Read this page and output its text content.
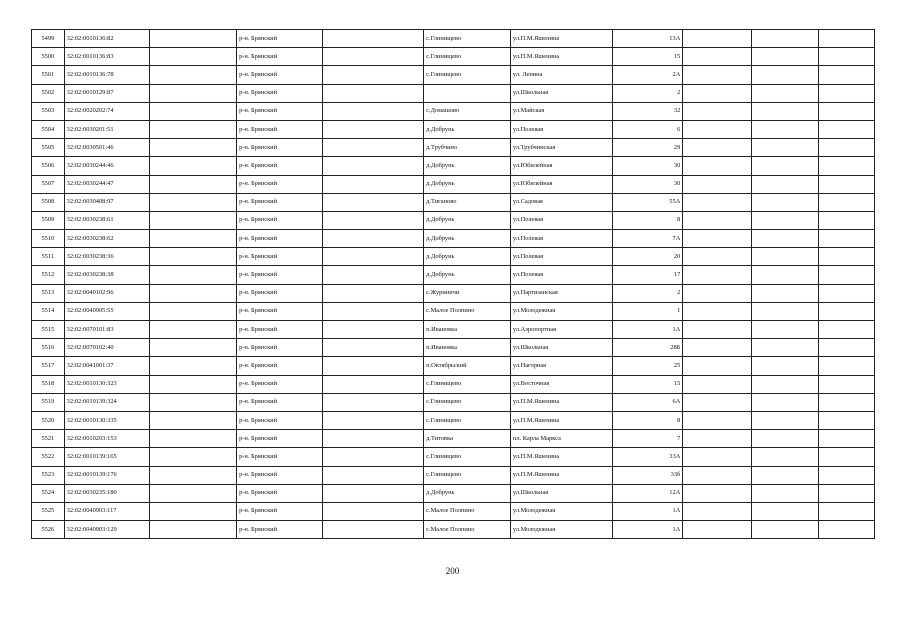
5499	32:02:0010136:82		р-н. Брянский		с.Глинищево	ул.П.М.Яшенина	13А			
5500	32:02:0010136:83		р-н. Брянский		с.Глинищево	ул.П.М.Яшенина	15			
5501	32:02:0010136:78		р-н. Брянский		с.Глинищево	ул. Ленина	2А			
5502	32:02:0010129:87		р-н. Брянский			ул.Школьная	2			
5503	32:02:0020202:74		р-н. Брянский		с.Домашово	ул.Майская	32			
5504	32:02:0030201:51		р-н. Брянский		д.Добрунь	ул.Полевая	6			
5505	32:02:0030501:46		р-н. Брянский		д.Трубчино	ул.Трубчинская	29			
5506	32:02:0030244:46		р-н. Брянский		д.Добрунь	ул.Юбилейная	30			
5507	32:02:0030244:47		р-н. Брянский		д.Добрунь	ул.Юбилейная	30			
5508	32:02:0030408:97		р-н. Брянский		д.Тиганово	ул.Садовая	55А			
5509	32:02:0030238:61		р-н. Брянский		д.Добрунь	ул.Полевая	8			
5510	32:02:0030238:62		р-н. Брянский		д.Добрунь	ул.Полевая	7А			
5511	32:02:0030238:36		р-н. Брянский		д.Добрунь	ул.Полевая	20			
5512	32:02:0030238:38		р-н. Брянский		д.Добрунь	ул.Полевая	17			
5513	32:02:0040102:96		р-н. Брянский		с.Журиничи	ул.Партизанская	2			
5514	32:02:0040905:55		р-н. Брянский		с.Малое Полпино	ул.Молодежная	1			
5515	32:02:0070101:83		р-н. Брянский		п.Ивановка	ул.Аэропортная	1А			
5516	32:02:0070102:40		р-н. Брянский		п.Ивановка	ул.Школьная	28Б			
5517	32:02:0041001:37		р-н. Брянский		п.Октябрьский	ул.Нагорная	25			
5518	32:02:0010130:323		р-н. Брянский		с.Глинищево	ул.Восточная	15			
5519	32:02:0010139:324		р-н. Брянский		с.Глинищево	ул.П.М.Яшенина	6А			
5520	32:02:0010130:335		р-н. Брянский		с.Глинищево	ул.П.М.Яшенина	8			
5521	32:02:0010203:153		р-н. Брянский		д.Титовка	пл. Карла Маркса	7			
5522	32:02:0010139:165		р-н. Брянский		с.Глинищево	ул.П.М.Яшенина	33А			
5523	32:02:0010139:176		р-н. Брянский		с.Глинищево	ул.П.М.Яшенина	33б			
5524	32:02:0030235:180		р-н. Брянский		д.Добрунь	ул.Школьная	12А			
5525	32:02:0040903:117		р-н. Брянский		с.Малое Полпино	ул.Молодежная	1А			
5526	32:02:0040903:129		р-н. Брянский		с.Малое Полпино	ул.Молодежная	1А			
200
